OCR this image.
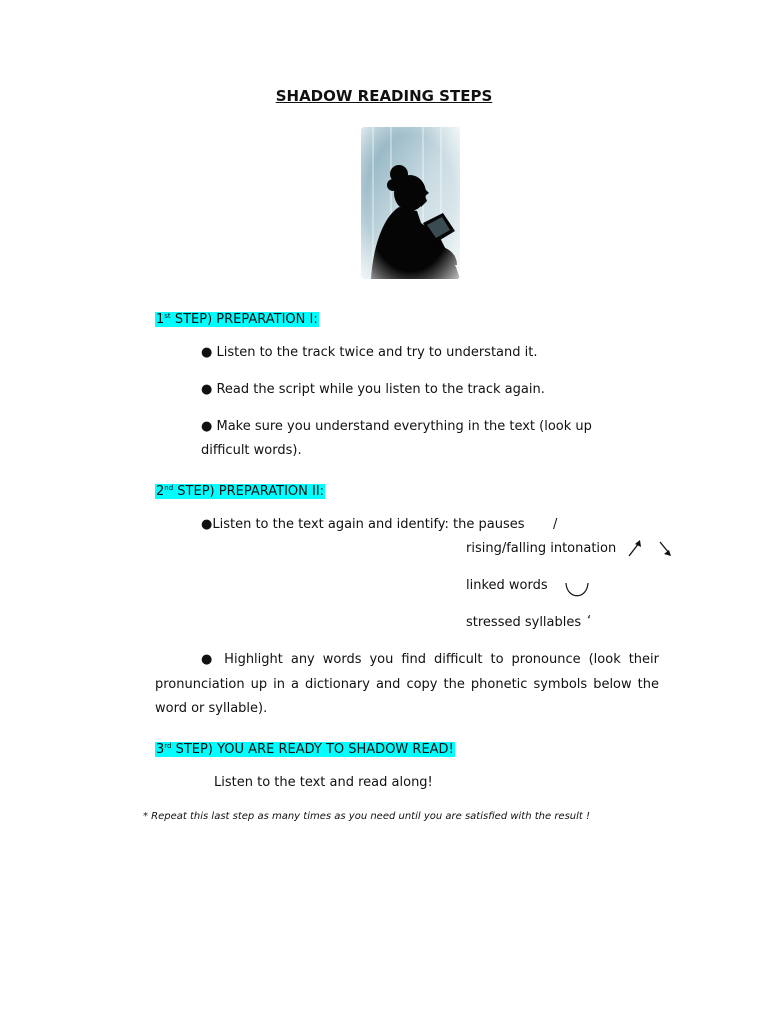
SHADOW READING STEPS
1st STEP) PREPARATION I:
● Listen to the track twice and try to understand it.
● Read the script while you listen to the track again.
● Make sure you understand everything in the text (look up
difficult words).
2nd STEP) PREPARATION II:
●Listen to the text again and identify: the pauses /
rising/falling intonation
linked words
stressed syllables ‘
● Highlight any words you find difficult to pronounce (look their pronunciation up in a dictionary and copy the phonetic symbols below the word or syllable).
3rd STEP) YOU ARE READY TO SHADOW READ!
Listen to the text and read along!
* Repeat this last step as many times as you need until you are satisfied with the result !
